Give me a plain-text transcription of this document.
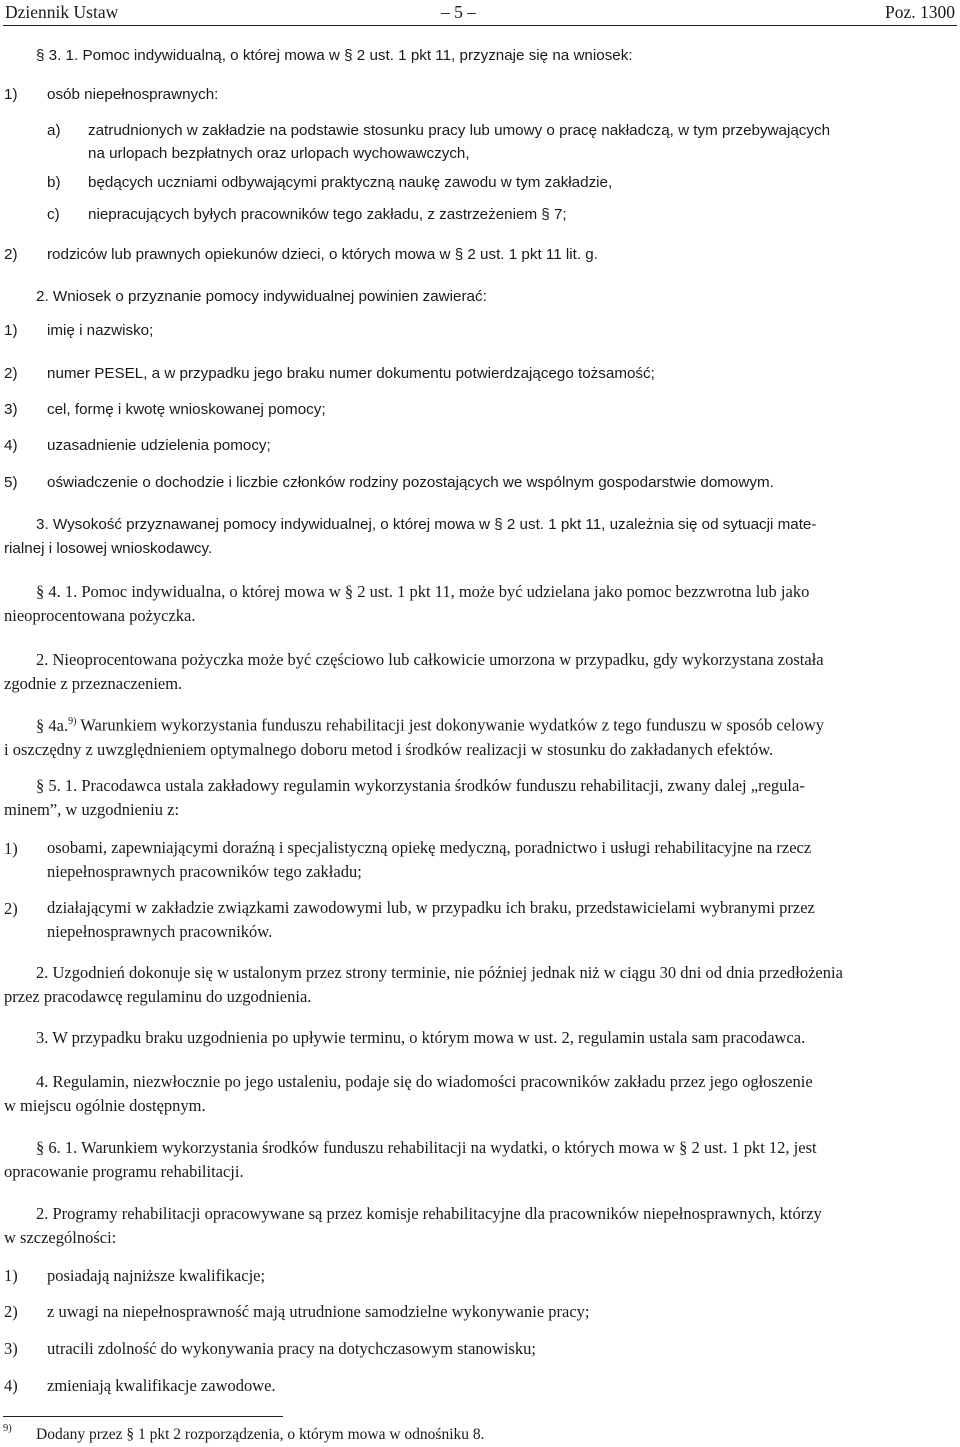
Dziennik Ustaw	– 5 –	Poz. 1300
§ 3. 1. Pomoc indywidualną, o której mowa w § 2 ust. 1 pkt 11, przyznaje się na wniosek:
1) osób niepełnosprawnych:
a) zatrudnionych w zakładzie na podstawie stosunku pracy lub umowy o pracę nakładczą, w tym przebywających
na urlopach bezpłatnych oraz urlopach wychowawczych,
b) będących uczniami odbywającymi praktyczną naukę zawodu w tym zakładzie,
c) niepracujących byłych pracowników tego zakładu, z zastrzeżeniem § 7;
2) rodziców lub prawnych opiekunów dzieci, o których mowa w § 2 ust. 1 pkt 11 lit. g.
2. Wniosek o przyznanie pomocy indywidualnej powinien zawierać:
1) imię i nazwisko;
2) numer PESEL, a w przypadku jego braku numer dokumentu potwierdzającego tożsamość;
3) cel, formę i kwotę wnioskowanej pomocy;
4) uzasadnienie udzielenia pomocy;
5) oświadczenie o dochodzie i liczbie członków rodziny pozostających we wspólnym gospodarstwie domowym.
3. Wysokość przyznawanej pomocy indywidualnej, o której mowa w § 2 ust. 1 pkt 11, uzależnia się od sytuacji mate-
rialnej i losowej wnioskodawcy.
§ 4. 1. Pomoc indywidualna, o której mowa w § 2 ust. 1 pkt 11, może być udzielana jako pomoc bezzwrotna lub jako
nieoprocentowana pożyczka.
2. Nieoprocentowana pożyczka może być częściowo lub całkowicie umorzona w przypadku, gdy wykorzystana została
zgodnie z przeznaczeniem.
§ 4a.$^{9)}$ Warunkiem wykorzystania funduszu rehabilitacji jest dokonywanie wydatków z tego funduszu w sposób celowy
i oszczędny z uwzględnieniem optymalnego doboru metod i środków realizacji w stosunku do zakładanych efektów.
§ 5. 1. Pracodawca ustala zakładowy regulamin wykorzystania środków funduszu rehabilitacji, zwany dalej „regula-
minem”, w uzgodnieniu z:
1) osobami, zapewniającymi doraźną i specjalistyczną opiekę medyczną, poradnictwo i usługi rehabilitacyjne na rzecz
niepełnosprawnych pracowników tego zakładu;
2) działającymi w zakładzie związkami zawodowymi lub, w przypadku ich braku, przedstawicielami wybranymi przez
niepełnosprawnych pracowników.
2. Uzgodnień dokonuje się w ustalonym przez strony terminie, nie później jednak niż w ciągu 30 dni od dnia przedłożenia
przez pracodawcę regulaminu do uzgodnienia.
3. W przypadku braku uzgodnienia po upływie terminu, o którym mowa w ust. 2, regulamin ustala sam pracodawca.
4. Regulamin, niezwłocznie po jego ustaleniu, podaje się do wiadomości pracowników zakładu przez jego ogłoszenie
w miejscu ogólnie dostępnym.
§ 6. 1. Warunkiem wykorzystania środków funduszu rehabilitacji na wydatki, o których mowa w § 2 ust. 1 pkt 12, jest
opracowanie programu rehabilitacji.
2. Programy rehabilitacji opracowywane są przez komisje rehabilitacyjne dla pracowników niepełnosprawnych, którzy
w szczególności:
1) posiadają najniższe kwalifikacje;
2) z uwagi na niepełnosprawność mają utrudnione samodzielne wykonywanie pracy;
3) utracili zdolność do wykonywania pracy na dotychczasowym stanowisku;
4) zmieniają kwalifikacje zawodowe.
9) Dodany przez § 1 pkt 2 rozporządzenia, o którym mowa w odnośniku 8.
